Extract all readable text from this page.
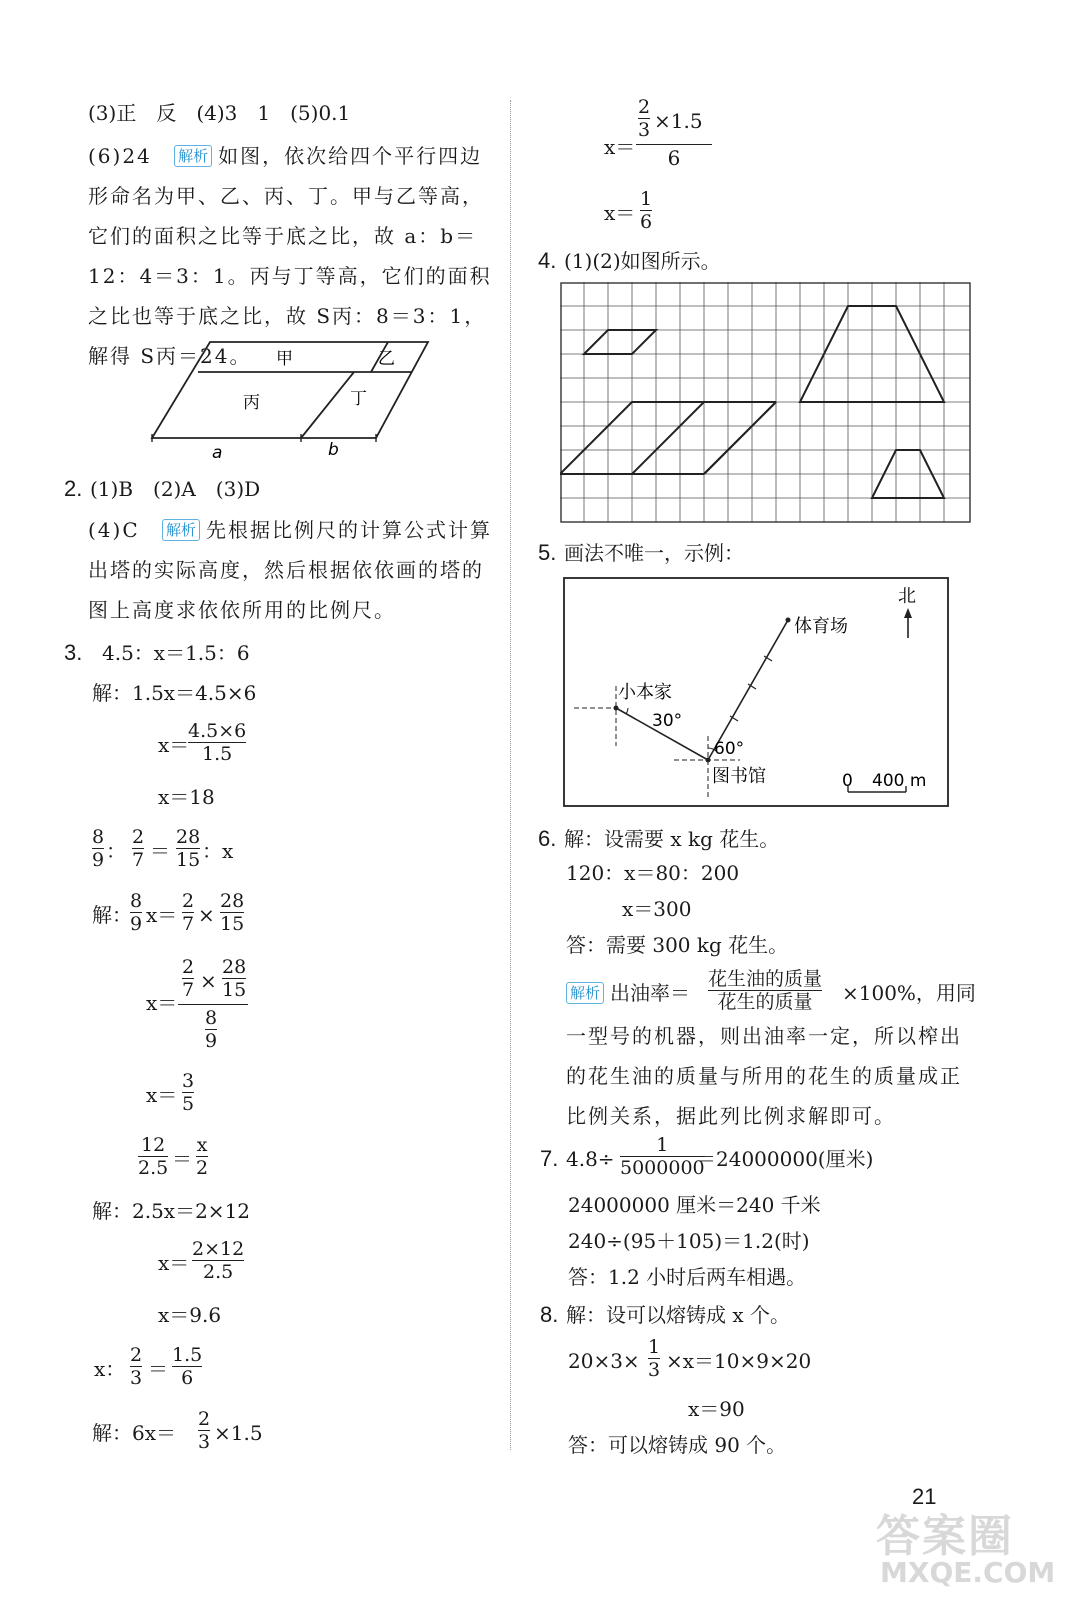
(3)正　反　(4)3　1　(5)0.1
(6)24 解析 如图，依次给四个平行四边形命名为甲、乙、丙、丁。甲与乙等高，它们的面积之比等于底之比，故 a：b＝12：4＝3：1。丙与丁等高，它们的面积之比也等于底之比，故 S丙：8＝3：1，解得 S丙＝24。	甲	乙
丙	丁
a	b
2. (1)B　(2)A　(3)D
(4)C 解析 先根据比例尺的计算公式计算出塔的实际高度，然后根据依依画的塔的图上高度求依依所用的比例尺。
3. 4.5：x＝1.5：6
解：1.5x＝4.5×6
x＝
4.5×6
1.5
x＝18
8
9 ：
2
7 ＝
28
15 ：x
解：
8
9 x＝
2
7 ×
28
15
x＝
2
7 ×
28
15
8
9
x＝
3
5
12
2.5 ＝
x
2
解：2.5x＝2×12
x＝
2×12
2.5
x＝9.6
x：
2
3 ＝
1.5
6
解：6x＝
2
3 ×1.5
x＝
2
3 ×1.5
6
x＝
1
6
4. (1)(2)如图所示。
5. 画法不唯一，示例：
北
体育场
小本家
30°
60°
图书馆	0 400 m
6. 解：设需要 x kg 花生。
120：x＝80：200
x＝300
答：需要 300 kg 花生。
解析 出油率＝
花生油的质量
花生的质量 ×100%，用同
一型号的机器，则出油率一定，所以榨出的花生油的质量与所用的花生的质量成正比例关系，据此列比例求解即可。
7. 4.8÷
1
5000000
＝24000000(厘米)
24000000 厘米＝240 千米
240÷(95＋105)＝1.2(时)
答：1.2 小时后两车相遇。
8. 解：设可以熔铸成 x 个。
20×3×
1
3 ×x＝10×9×20
x＝90
答：可以熔铸成 90 个。
21
答案圈
MXQE.COM
